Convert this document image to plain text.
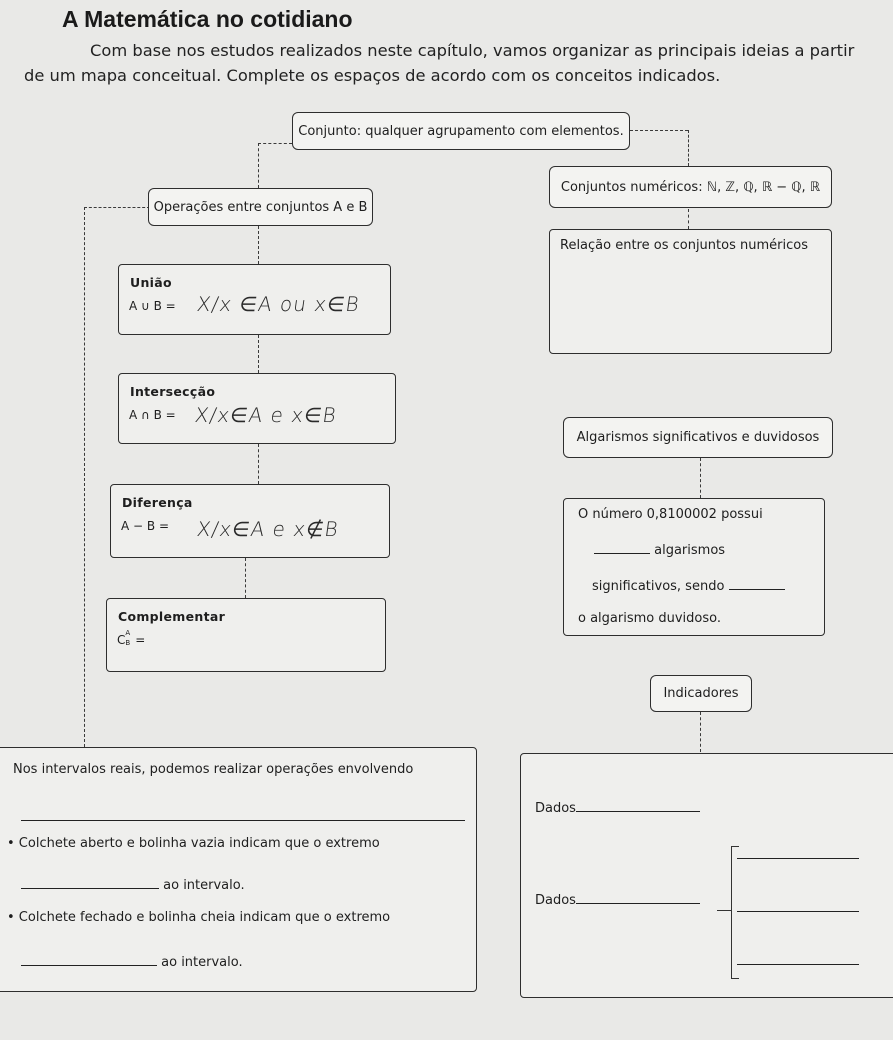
A Matemática no cotidiano
Com base nos estudos realizados neste capítulo, vamos organizar as principais ideias a partir de um mapa conceitual. Complete os espaços de acordo com os conceitos indicados.
Conjunto: qualquer agrupamento com elementos.
Operações entre conjuntos A e B
Conjuntos numéricos: ℕ, ℤ, ℚ, ℝ − ℚ, ℝ
Relação entre os conjuntos numéricos
União
A ∪ B = X/x ∈A ou x∈B
Intersecção
A ∩ B = X/x∈A e x∈B
Diferença
A − B = X/x∈A e x∉B
Complementar
C A
B =
Algarismos significativos e duvidosos
O número 0,8100002 possui
algarismos
significativos, sendo
o algarismo duvidoso.
Indicadores
Nos intervalos reais, podemos realizar operações envolvendo
• Colchete aberto e bolinha vazia indicam que o extremo
ao intervalo.
• Colchete fechado e bolinha cheia indicam que o extremo
ao intervalo.
Dados
Dados
